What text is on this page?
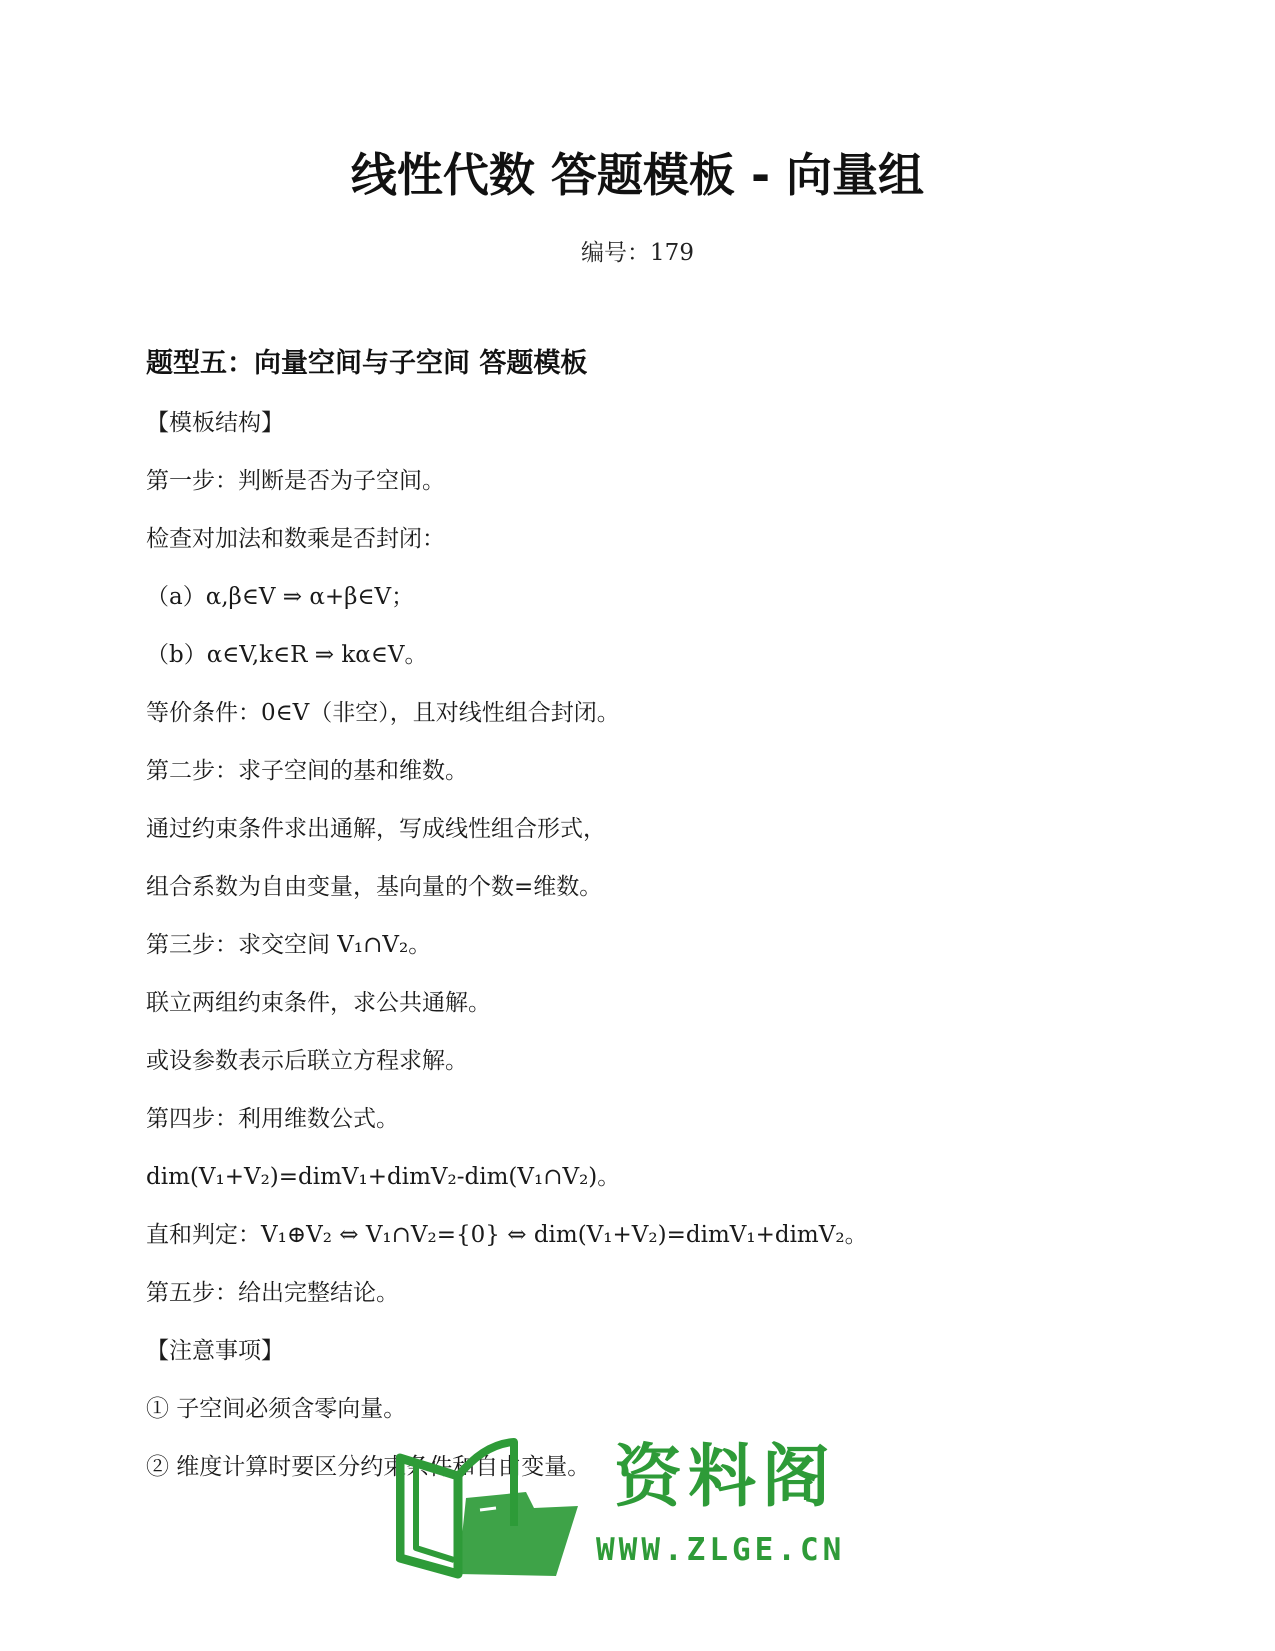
线性代数 答题模板 - 向量组
编号：179
题型五：向量空间与子空间 答题模板
【模板结构】
第一步：判断是否为子空间。
检查对加法和数乘是否封闭：
（a）α,β∈V ⇒ α+β∈V；
（b）α∈V,k∈R ⇒ kα∈V。
等价条件：0∈V（非空），且对线性组合封闭。
第二步：求子空间的基和维数。
通过约束条件求出通解，写成线性组合形式，
组合系数为自由变量，基向量的个数=维数。
第三步：求交空间 V₁∩V₂。
联立两组约束条件，求公共通解。
或设参数表示后联立方程求解。
第四步：利用维数公式。
dim(V₁+V₂)=dimV₁+dimV₂-dim(V₁∩V₂)。
直和判定：V₁⊕V₂ ⇔ V₁∩V₂={0} ⇔ dim(V₁+V₂)=dimV₁+dimV₂。
第五步：给出完整结论。
【注意事项】
① 子空间必须含零向量。
② 维度计算时要区分约束条件和自由变量。 资料阁
WWW.ZLGE.CN
